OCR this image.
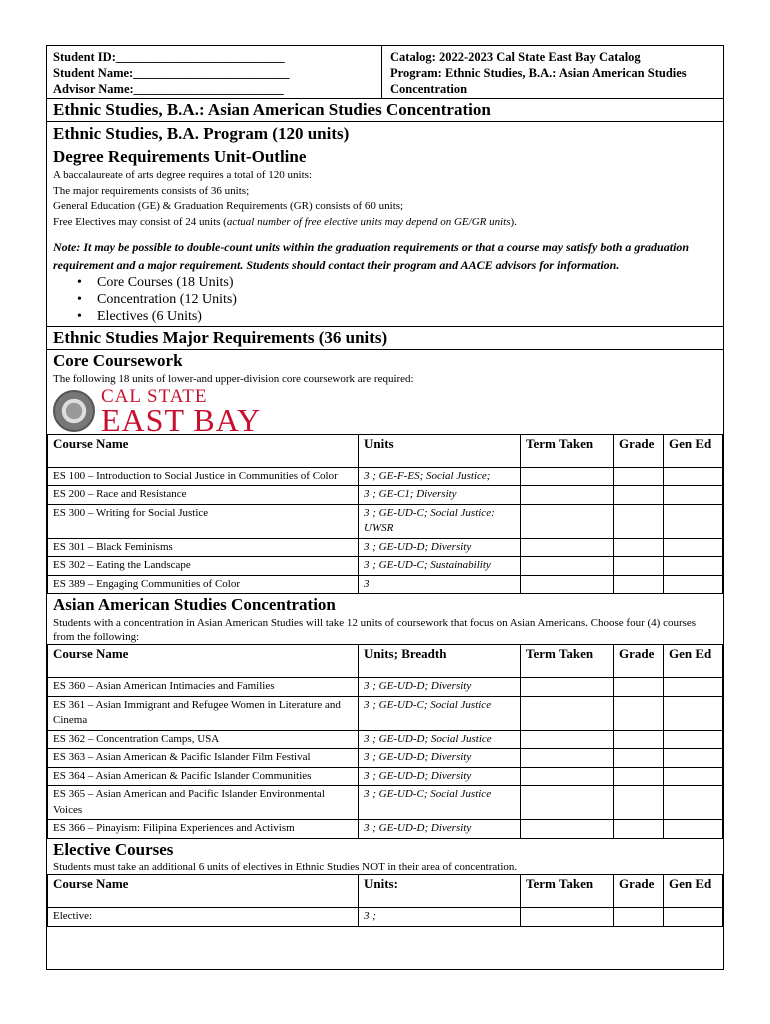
Student ID:___________________________
Student Name:_________________________
Advisor Name:________________________
Catalog: 2022-2023 Cal State East Bay Catalog
Program: Ethnic Studies, B.A.: Asian American Studies
Concentration
Ethnic Studies, B.A.: Asian American Studies Concentration
Ethnic Studies, B.A. Program (120 units)
Degree Requirements Unit-Outline
A baccalaureate of arts degree requires a total of 120 units:
The major requirements consists of 36 units;
General Education (GE) & Graduation Requirements (GR) consists of 60 units;
Free Electives may consist of 24 units (actual number of free elective units may depend on GE/GR units).
Note: It may be possible to double-count units within the graduation requirements or that a course may satisfy both a graduation requirement and a major requirement. Students should contact their program and AACE advisors for information.
• Core Courses (18 Units)
• Concentration (12 Units)
• Electives (6 Units)
Ethnic Studies Major Requirements (36 units)
Core Coursework
The following 18 units of lower-and upper-division core coursework are required:
CAL STATE
EAST BAY
Course Name	Units	Term Taken	Grade	Gen Ed
ES 100 – Introduction to Social Justice in Communities of Color	3 ; GE-F-ES; Social Justice;			
ES 200 – Race and Resistance	3 ; GE-C1; Diversity			
ES 300 – Writing for Social Justice	3 ; GE-UD-C; Social Justice: UWSR			
ES 301 – Black Feminisms	3 ; GE-UD-D; Diversity			
ES 302 – Eating the Landscape	3 ; GE-UD-C; Sustainability			
ES 389 – Engaging Communities of Color	3			
Asian American Studies Concentration
Students with a concentration in Asian American Studies will take 12 units of coursework that focus on Asian Americans. Choose four (4) courses from the following:
Course Name	Units; Breadth	Term Taken	Grade	Gen Ed
ES 360 – Asian American Intimacies and Families	3 ; GE-UD-D; Diversity			
ES 361 – Asian Immigrant and Refugee Women in Literature and Cinema	3 ; GE-UD-C; Social Justice			
ES 362 – Concentration Camps, USA	3 ; GE-UD-D; Social Justice			
ES 363 – Asian American & Pacific Islander Film Festival	3 ; GE-UD-D; Diversity			
ES 364 – Asian American & Pacific Islander Communities	3 ; GE-UD-D; Diversity			
ES 365 – Asian American and Pacific Islander Environmental Voices	3 ; GE-UD-C; Social Justice			
ES 366 – Pinayism: Filipina Experiences and Activism	3 ; GE-UD-D; Diversity			
Elective Courses
Students must take an additional 6 units of electives in Ethnic Studies NOT in their area of concentration.
Course Name	Units:	Term Taken	Grade	Gen Ed
Elective:	3 ;			
